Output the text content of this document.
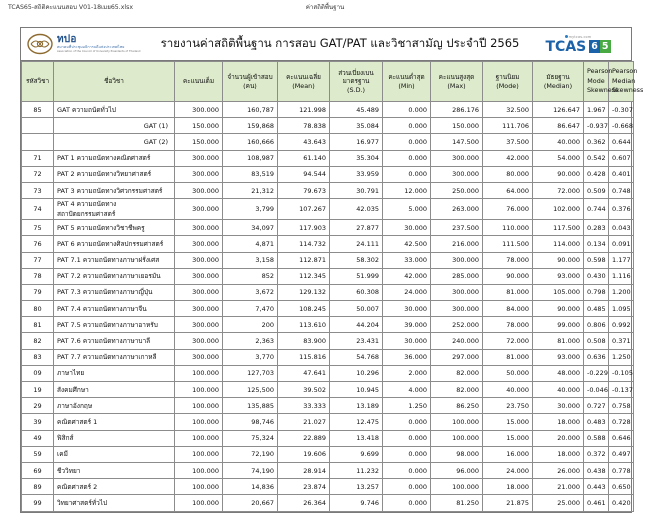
TCAS65-สถิติคะแนนสอบ V01-18เมย65.xlsx	ค่าสถิติพื้นฐาน
ทปอ
สมาคมที่ประชุมอธิการบดีแห่งประเทศไทย
Association of the Council of University Presidents of Thailand
รายงานค่าสถิติพื้นฐาน การสอบ GAT/PAT และวิชาสามัญ ประจำปี 2565	mytcas.com
TCAS 6 5
รหัสวิชา	ชื่อวิชา	คะแนนเต็ม	จำนวนผู้เข้าสอบ
(คน)	คะแนนเฉลี่ย
(Mean)	ส่วนเบี่ยงเบน
มาตรฐาน (S.D.)	คะแนนต่ำสุด
(Min)	คะแนนสูงสุด
(Max)	ฐานนิยม
(Mode)	มัธยฐาน
(Median)	Pearson
Mode
Skewness	Pearson
Median
Skewness
85	GAT ความถนัดทั่วไป	300.000	160,787	121.998	45.489	0.000	286.176	32.500	126.647	1.967	-0.307
	GAT (1)	150.000	159,868	78.838	35.084	0.000	150.000	111.706	86.647	-0.937	-0.668
	GAT (2)	150.000	160,666	43.643	16.977	0.000	147.500	37.500	40.000	0.362	0.644
71	PAT 1 ความถนัดทางคณิตศาสตร์	300.000	108,987	61.140	35.304	0.000	300.000	42.000	54.000	0.542	0.607
72	PAT 2 ความถนัดทางวิทยาศาสตร์	300.000	83,519	94.544	33.959	0.000	300.000	80.000	90.000	0.428	0.401
73	PAT 3 ความถนัดทางวิศวกรรมศาสตร์	300.000	21,312	79.673	30.791	12.000	250.000	64.000	72.000	0.509	0.748
74	PAT 4 ความถนัดทางสถาปัตยกรรมศาสตร์	300.000	3,799	107.267	42.035	5.000	263.000	76.000	102.000	0.744	0.376
75	PAT 5 ความถนัดทางวิชาชีพครู	300.000	34,097	117.903	27.877	30.000	237.500	110.000	117.500	0.283	0.043
76	PAT 6 ความถนัดทางศิลปกรรมศาสตร์	300.000	4,871	114.732	24.111	42.500	216.000	111.500	114.000	0.134	0.091
77	PAT 7.1 ความถนัดทางภาษาฝรั่งเศส	300.000	3,158	112.871	58.302	33.000	300.000	78.000	90.000	0.598	1.177
78	PAT 7.2 ความถนัดทางภาษาเยอรมัน	300.000	852	112.345	51.999	42.000	285.000	90.000	93.000	0.430	1.116
79	PAT 7.3 ความถนัดทางภาษาญี่ปุ่น	300.000	3,672	129.132	60.308	24.000	300.000	81.000	105.000	0.798	1.200
80	PAT 7.4 ความถนัดทางภาษาจีน	300.000	7,470	108.245	50.007	30.000	300.000	84.000	90.000	0.485	1.095
81	PAT 7.5 ความถนัดทางภาษาอาหรับ	300.000	200	113.610	44.204	39.000	252.000	78.000	99.000	0.806	0.992
82	PAT 7.6 ความถนัดทางภาษาบาลี	300.000	2,363	83.900	23.431	30.000	240.000	72.000	81.000	0.508	0.371
83	PAT 7.7 ความถนัดทางภาษาเกาหลี	300.000	3,770	115.816	54.768	36.000	297.000	81.000	93.000	0.636	1.250
09	ภาษาไทย	100.000	127,703	47.641	10.296	2.000	82.000	50.000	48.000	-0.229	-0.105
19	สังคมศึกษา	100.000	125,500	39.502	10.945	4.000	82.000	40.000	40.000	-0.046	-0.137
29	ภาษาอังกฤษ	100.000	135,885	33.333	13.189	1.250	86.250	23.750	30.000	0.727	0.758
39	คณิตศาสตร์ 1	100.000	98,746	21.027	12.475	0.000	100.000	15.000	18.000	0.483	0.728
49	ฟิสิกส์	100.000	75,324	22.889	13.418	0.000	100.000	15.000	20.000	0.588	0.646
59	เคมี	100.000	72,190	19.606	9.699	0.000	98.000	16.000	18.000	0.372	0.497
69	ชีววิทยา	100.000	74,190	28.914	11.232	0.000	96.000	24.000	26.000	0.438	0.778
89	คณิตศาสตร์ 2	100.000	14,836	23.874	13.257	0.000	100.000	18.000	21.000	0.443	0.650
99	วิทยาศาสตร์ทั่วไป	100.000	20,667	26.364	9.746	0.000	81.250	21.875	25.000	0.461	0.420
